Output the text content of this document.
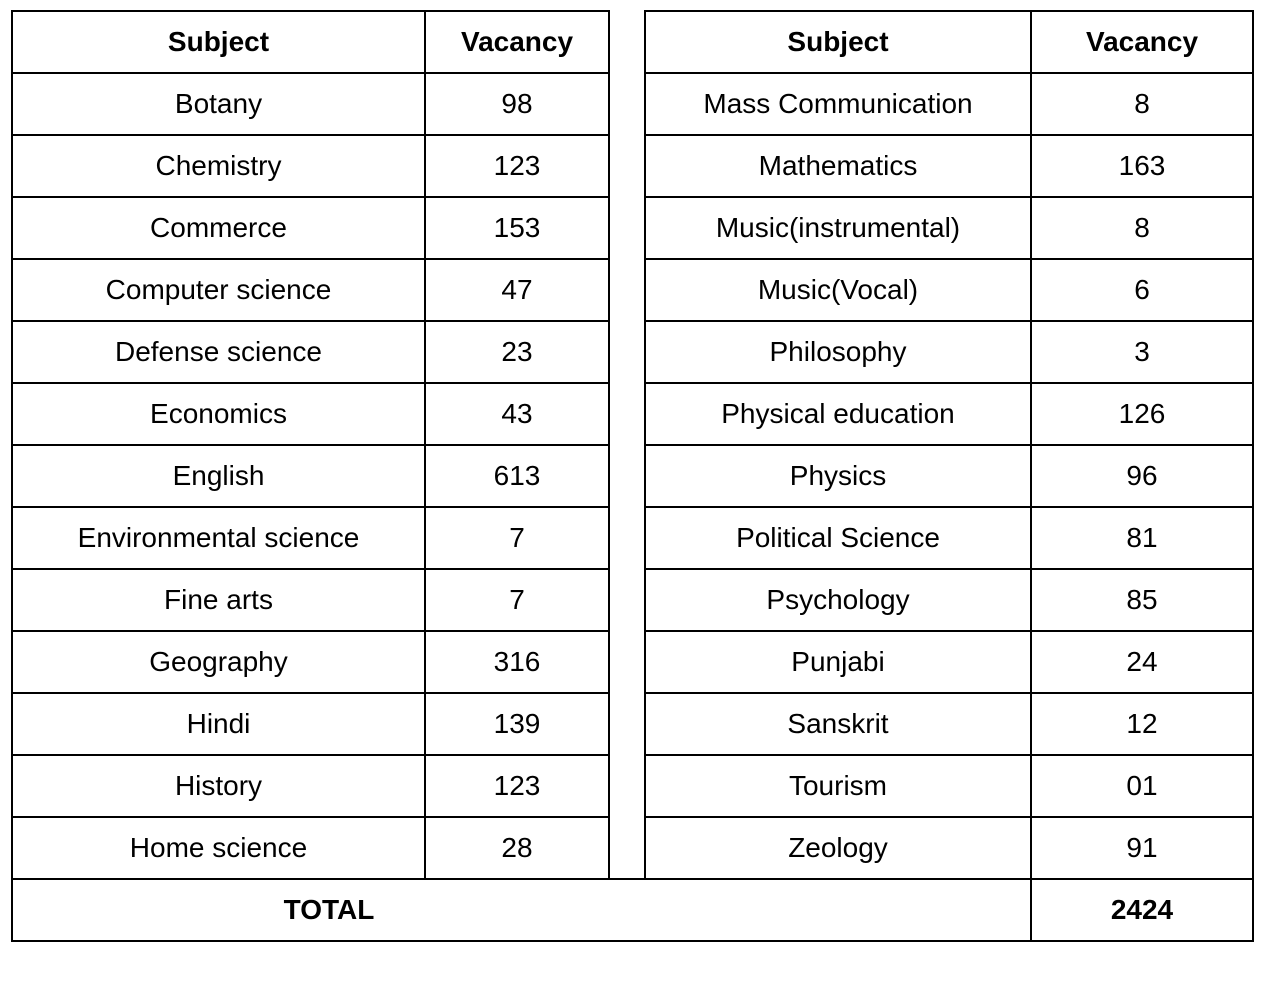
Subject	Vacancy		Subject	Vacancy
Botany	98		Mass Communication	8
Chemistry	123		Mathematics	163
Commerce	153		Music(instrumental)	8
Computer science	47		Music(Vocal)	6
Defense science	23		Philosophy	3
Economics	43		Physical education	126
English	613		Physics	96
Environmental science	7		Political Science	81
Fine arts	7		Psychology	85
Geography	316		Punjabi	24
Hindi	139		Sanskrit	12
History	123		Tourism	01
Home science	28		Zeology	91
TOTAL				2424
